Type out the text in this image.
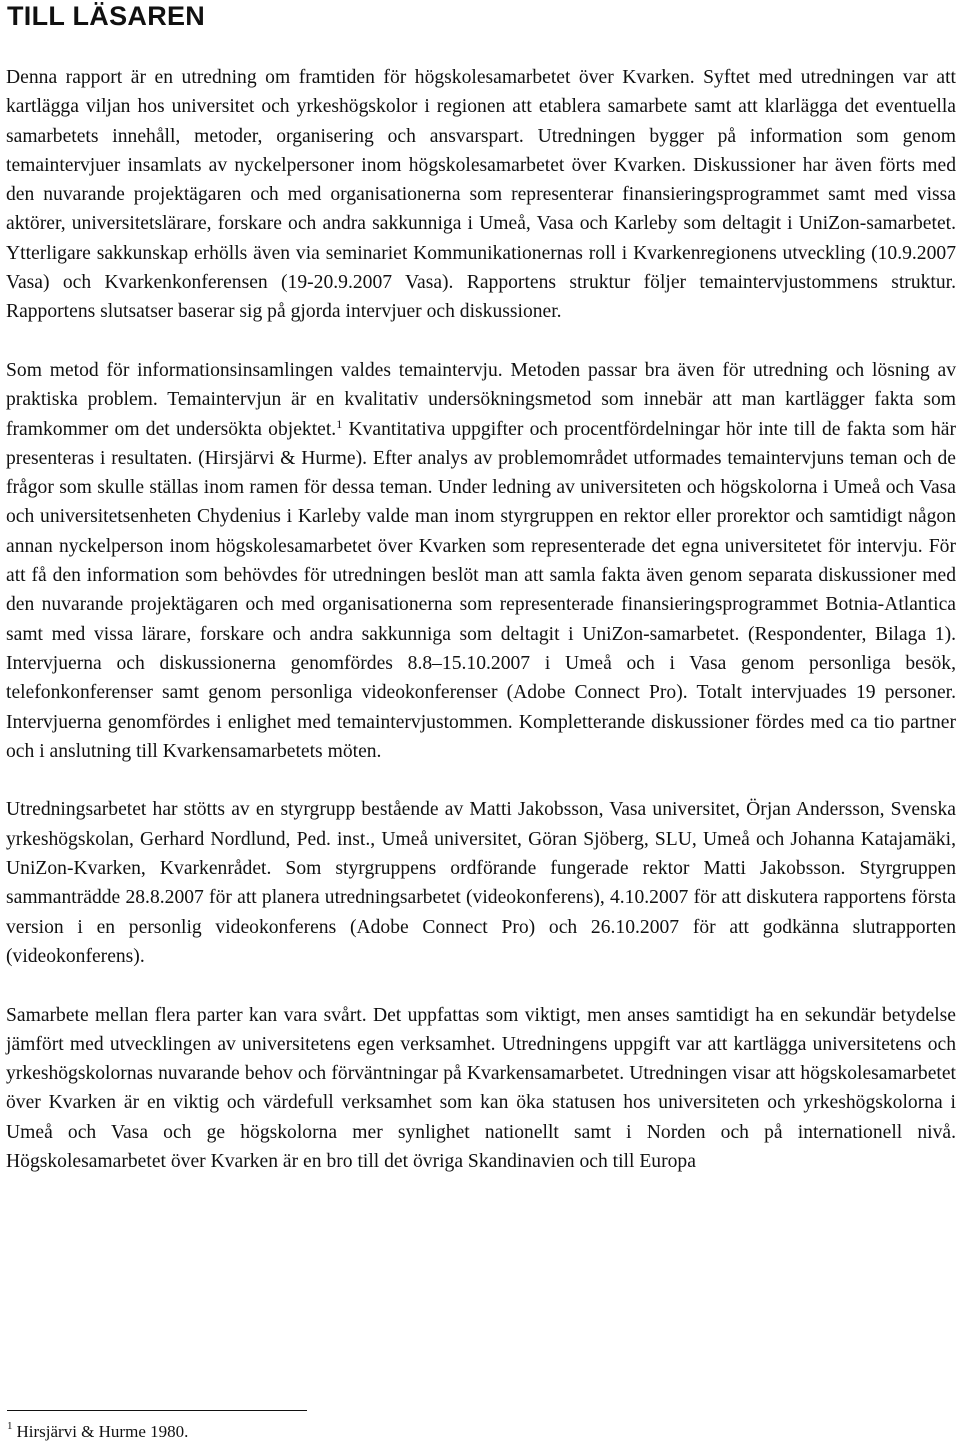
TILL LÄSAREN

Denna rapport är en utredning om framtiden för högskolesamarbetet över Kvarken. Syftet med utredningen var att kartlägga viljan hos universitet och yrkeshögskolor i regionen att etablera samarbete samt att klarlägga det eventuella samarbetets innehåll, metoder, organisering och ansvarspart. Utredningen bygger på information som genom temaintervjuer insamlats av nyckelpersoner inom högskolesamarbetet över Kvarken. Diskussioner har även förts med den nuvarande projektägaren och med organisationerna som representerar finansieringsprogrammet samt med vissa aktörer, universitetslärare, forskare och andra sakkunniga i Umeå, Vasa och Karleby som deltagit i UniZon-samarbetet. Ytterligare sakkunskap erhölls även via seminariet Kommunikationernas roll i Kvarkenregionens utveckling (10.9.2007 Vasa) och Kvarkenkonferensen (19-20.9.2007 Vasa). Rapportens struktur följer temaintervjustommens struktur. Rapportens slutsatser baserar sig på gjorda intervjuer och diskussioner.

Som metod för informationsinsamlingen valdes temaintervju. Metoden passar bra även för utredning och lösning av praktiska problem. Temaintervjun är en kvalitativ undersökningsmetod som innebär att man kartlägger fakta som framkommer om det undersökta objektet.$^1$ Kvantitativa uppgifter och procentfördelningar hör inte till de fakta som här presenteras i resultaten. (Hirsjärvi & Hurme). Efter analys av problemområdet utformades temaintervjuns teman och de frågor som skulle ställas inom ramen för dessa teman. Under ledning av universiteten och högskolorna i Umeå och Vasa och universitetsenheten Chydenius i Karleby valde man inom styrgruppen en rektor eller prorektor och samtidigt någon annan nyckelperson inom högskolesamarbetet över Kvarken som representerade det egna universitetet för intervju. För att få den information som behövdes för utredningen beslöt man att samla fakta även genom separata diskussioner med den nuvarande projektägaren och med organisationerna som representerade finansieringsprogrammet Botnia-Atlantica samt med vissa lärare, forskare och andra sakkunniga som deltagit i UniZon-samarbetet. (Respondenter, Bilaga 1). Intervjuerna och diskussionerna genomfördes 8.8–15.10.2007 i Umeå och i Vasa genom personliga besök, telefonkonferenser samt genom personliga videokonferenser (Adobe Connect Pro). Totalt intervjuades 19 personer. Intervjuerna genomfördes i enlighet med temaintervjustommen. Kompletterande diskussioner fördes med ca tio partner och i anslutning till Kvarkensamarbetets möten.

Utredningsarbetet har stötts av en styrgrupp bestående av Matti Jakobsson, Vasa universitet, Örjan Andersson, Svenska yrkeshögskolan, Gerhard Nordlund, Ped. inst., Umeå universitet, Göran Sjöberg, SLU, Umeå och Johanna Katajamäki, UniZon-Kvarken, Kvarkenrådet. Som styrgruppens ordförande fungerade rektor Matti Jakobsson. Styrgruppen sammanträdde 28.8.2007 för att planera utredningsarbetet (videokonferens), 4.10.2007 för att diskutera rapportens första version i en personlig videokonferens (Adobe Connect Pro) och 26.10.2007 för att godkänna slutrapporten (videokonferens).

Samarbete mellan flera parter kan vara svårt. Det uppfattas som viktigt, men anses samtidigt ha en sekundär betydelse jämfört med utvecklingen av universitetens egen verksamhet. Utredningens uppgift var att kartlägga universitetens och yrkeshögskolornas nuvarande behov och förväntningar på Kvarkensamarbetet. Utredningen visar att högskolesamarbetet över Kvarken är en viktig och värdefull verksamhet som kan öka statusen hos universiteten och yrkeshögskolorna i Umeå och Vasa och ge högskolorna mer synlighet nationellt samt i Norden och på internationell nivå. Högskolesamarbetet över Kvarken är en bro till det övriga Skandinavien och till Europa

$^1$ Hirsjärvi & Hurme 1980.
